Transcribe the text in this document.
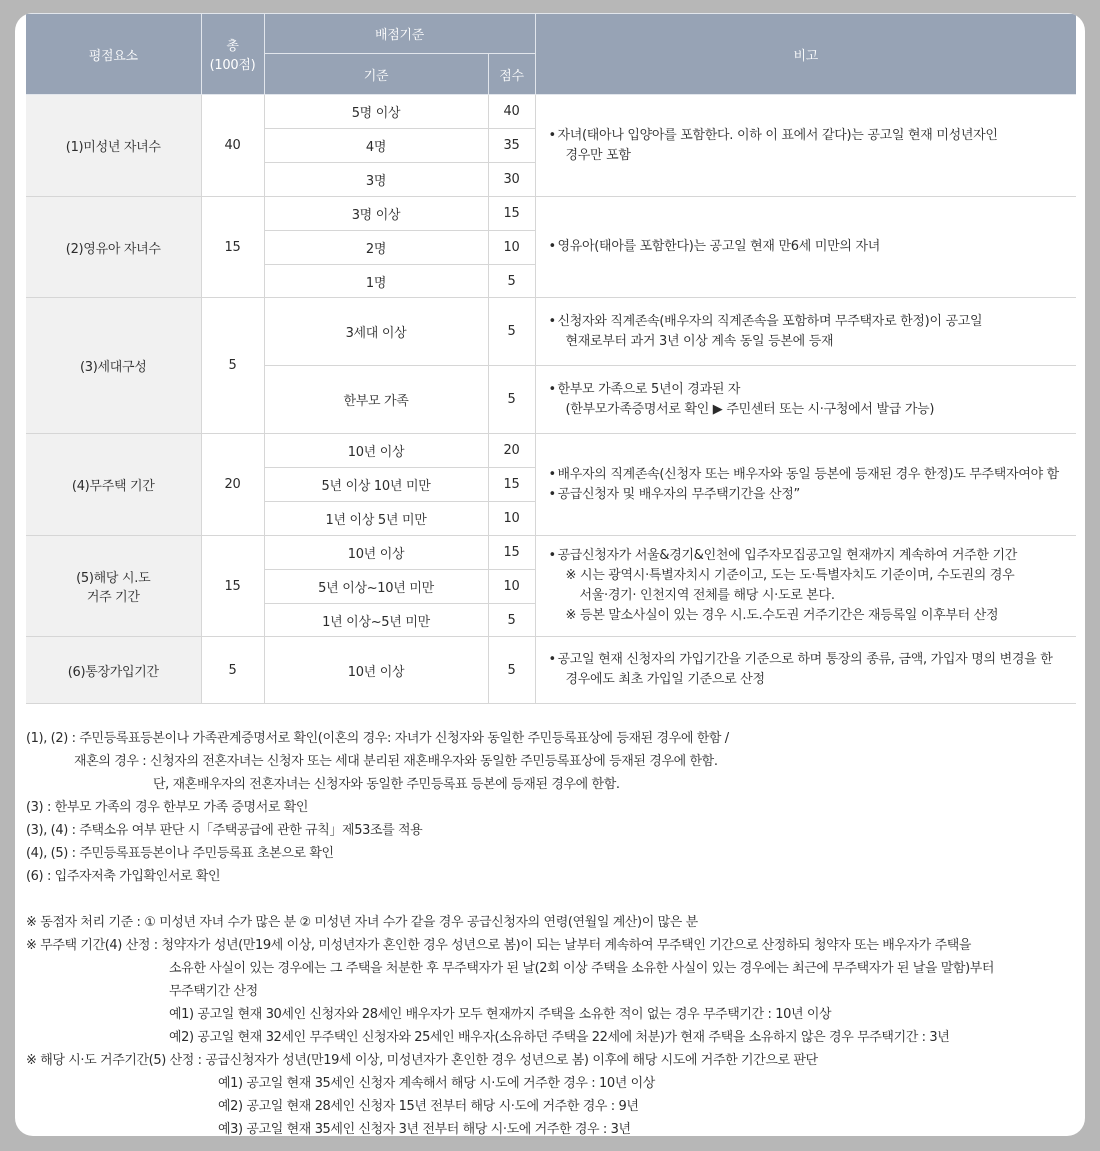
평점요소	총
(100점)	배점기준		비고
		기준	점수	
(1)미성년 자녀수	40	5명 이상	40	• 자녀(태아나 입양아를 포함한다. 이하 이 표에서 같다)는 공고일 현재 미성년자인
경우만 포함

		4명	35	
		3명	30	
(2)영유아 자녀수	15	3명 이상	15	• 영유아(태아를 포함한다)는 공고일 현재 만6세 미만의 자녀

		2명	10	
		1명	5	
(3)세대구성	5	3세대 이상	5	• 신청자와 직계존속(배우자의 직계존속을 포함하며 무주택자로 한정)이 공고일
현재로부터 과거 3년 이상 계속 동일 등본에 등재

		한부모 가족	5	• 한부모 가족으로 5년이 경과된 자
(한부모가족증명서로 확인 ▶ 주민센터 또는 시·구청에서 발급 가능)

(4)무주택 기간	20	10년 이상	20	• 배우자의 직계존속(신청자 또는 배우자와 동일 등본에 등재된 경우 한정)도 무주택자여야 함
• 공급신청자 및 배우자의 무주택기간을 산정”

		5년 이상 10년 미만	15	
		1년 이상 5년 미만	10	
(5)해당 시.도
거주 기간	15	10년 이상	15	• 공급신청자가 서울&경기&인천에 입주자모집공고일 현재까지 계속하여 거주한 기간
※ 시는 광역시·특별자치시 기준이고, 도는 도·특별자치도 기준이며, 수도권의 경우
서울·경기· 인천지역 전체를 해당 시·도로 본다.
※ 등본 말소사실이 있는 경우 시.도.수도권 거주기간은 재등록일 이후부터 산정

		5년 이상~10년 미만	10	
		1년 이상~5년 미만	5	
(6)통장가입기간	5	10년 이상	5	• 공고일 현재 신청자의 가입기간을 기준으로 하며 통장의 종류, 금액, 가입자 명의 변경을 한
경우에도 최초 가입일 기준으로 산정
(1), (2) : 주민등록표등본이나 가족관계증명서로 확인(이혼의 경우: 자녀가 신청자와 동일한 주민등록표상에 등재된 경우에 한함 /
재혼의 경우 : 신청자의 전혼자녀는 신청자 또는 세대 분리된 재혼배우자와 동일한 주민등록표상에 등재된 경우에 한함.
단, 재혼배우자의 전혼자녀는 신청자와 동일한 주민등록표 등본에 등재된 경우에 한함.
(3) : 한부모 가족의 경우 한부모 가족 증명서로 확인
(3), (4) : 주택소유 여부 판단 시「주택공급에 관한 규칙」제53조를 적용
(4), (5) : 주민등록표등본이나 주민등록표 초본으로 확인
(6) : 입주자저축 가입확인서로 확인
※ 동점자 처리 기준 : ① 미성년 자녀 수가 많은 분 ② 미성년 자녀 수가 같을 경우 공급신청자의 연령(연월일 계산)이 많은 분
※ 무주택 기간(4) 산정 : 청약자가 성년(만19세 이상, 미성년자가 혼인한 경우 성년으로 봄)이 되는 날부터 계속하여 무주택인 기간으로 산정하되 청약자 또는 배우자가 주택을
소유한 사실이 있는 경우에는 그 주택을 처분한 후 무주택자가 된 날(2회 이상 주택을 소유한 사실이 있는 경우에는 최근에 무주택자가 된 날을 말함)부터
무주택기간 산정
예1) 공고일 현재 30세인 신청자와 28세인 배우자가 모두 현재까지 주택을 소유한 적이 없는 경우 무주택기간 : 10년 이상
예2) 공고일 현재 32세인 무주택인 신청자와 25세인 배우자(소유하던 주택을 22세에 처분)가 현재 주택을 소유하지 않은 경우 무주택기간 : 3년
※ 해당 시·도 거주기간(5) 산정 : 공급신청자가 성년(만19세 이상, 미성년자가 혼인한 경우 성년으로 봄) 이후에 해당 시도에 거주한 기간으로 판단
예1) 공고일 현재 35세인 신청자 계속해서 해당 시·도에 거주한 경우 : 10년 이상
예2) 공고일 현재 28세인 신청자 15년 전부터 해당 시·도에 거주한 경우 : 9년
예3) 공고일 현재 35세인 신청자 3년 전부터 해당 시·도에 거주한 경우 : 3년
